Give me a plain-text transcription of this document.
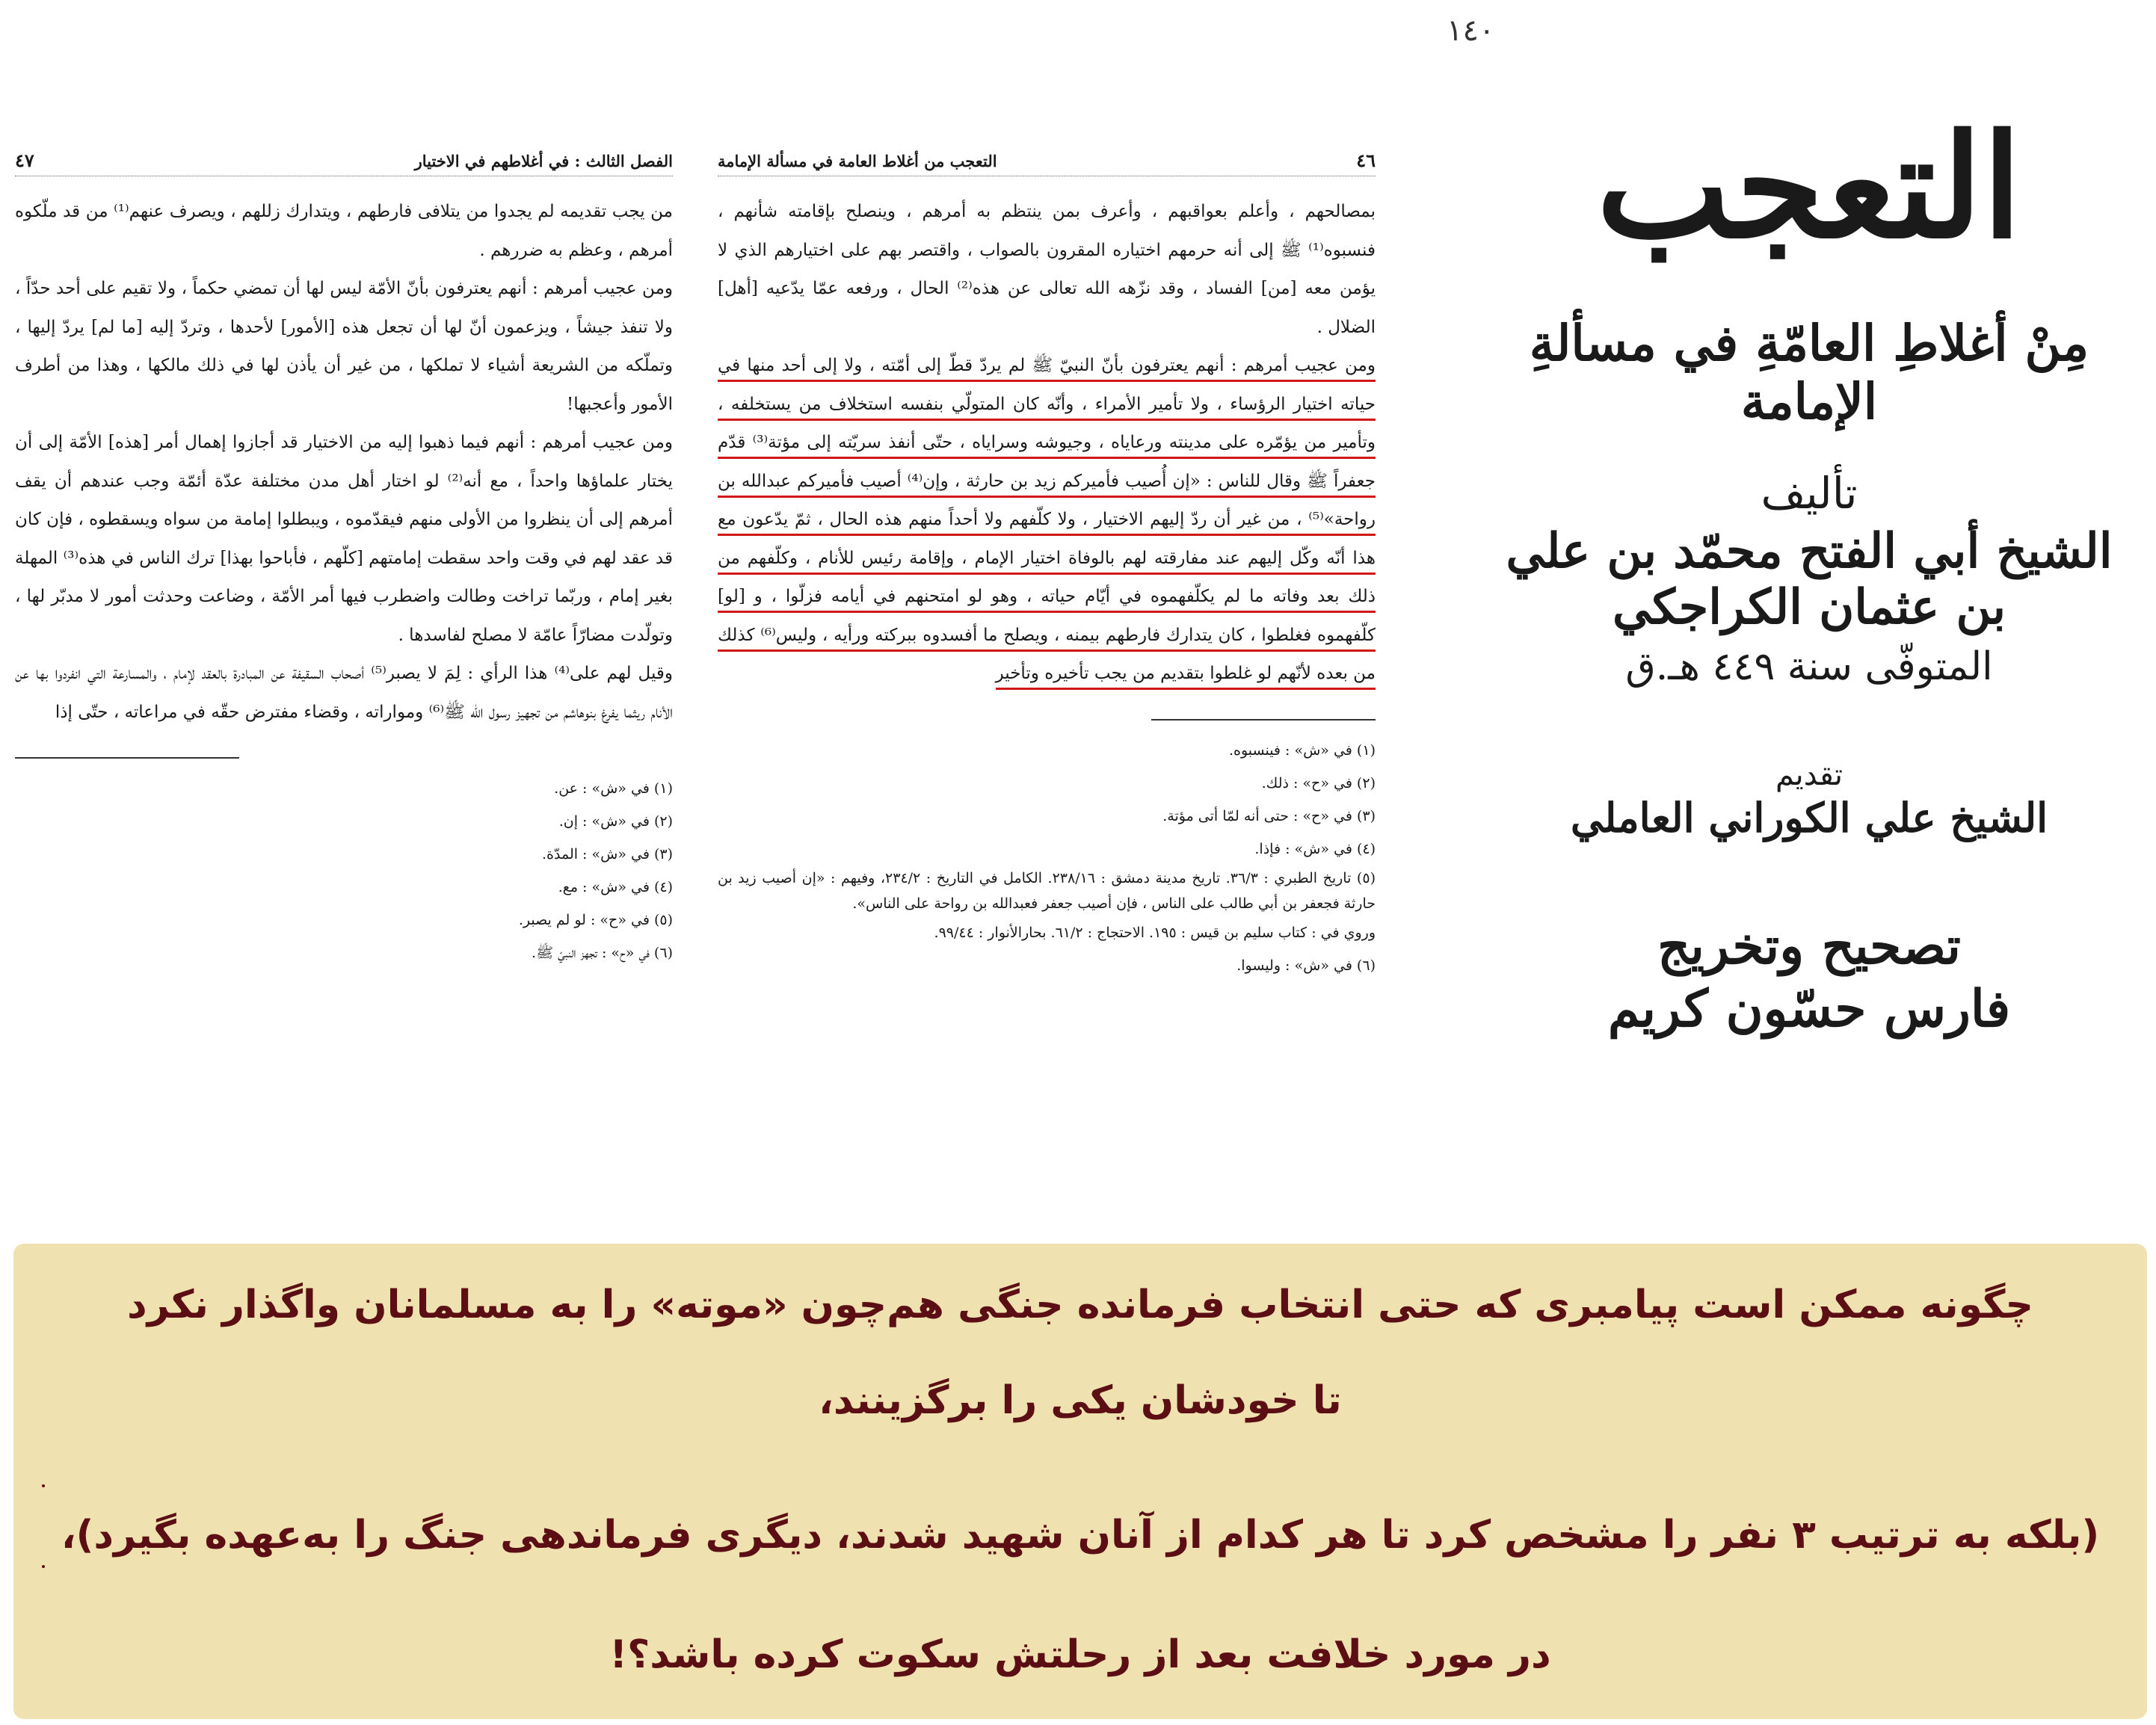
١٤٠
الفصل الثالث : في أغلاطهم في الاختيار
٤٧

من يجب تقديمه لم يجدوا من يتلافى فارطهم ، ويتدارك زللهم ، ويصرف عنهم⁽¹⁾ من قد ملّكوه أمرهم ، وعظم به ضررهم .

ومن عجيب أمرهم : أنهم يعترفون بأنّ الأمّة ليس لها أن تمضي حكماً ، ولا تقيم على أحد حدّاً ، ولا تنفذ جيشاً ، ويزعمون أنّ لها أن تجعل هذه [الأمور] لأحدها ، وتردّ إليه [ما لم] يردّ إليها ، وتملّكه من الشريعة أشياء لا تملكها ، من غير أن يأذن لها في ذلك مالكها ، وهذا من أطرف الأمور وأعجبها!

ومن عجيب أمرهم : أنهم فيما ذهبوا إليه من الاختيار قد أجازوا إهمال أمر [هذه] الأمّة إلى أن يختار علماؤها واحداً ، مع أنه⁽²⁾ لو اختار أهل مدن مختلفة عدّة أئمّة وجب عندهم أن يقف أمرهم إلى أن ينظروا من الأولى منهم فيقدّموه ، ويبطلوا إمامة من سواه ويسقطوه ، فإن كان قد عقد لهم في وقت واحد سقطت إمامتهم [كلّهم ، فأباحوا بهذا] ترك الناس في هذه⁽³⁾ المهلة بغير إمام ، وربّما تراخت وطالت واضطرب فيها أمر الأمّة ، وضاعت وحدثت أمور لا مدبّر لها ، وتولّدت مضارّاً عامّة لا مصلح لفاسدها .

وقيل لهم على⁽⁴⁾ هذا الرأي : لِمَ لا يصبر⁽⁵⁾ أصحاب السقيفة عن المبادرة بالعقد لإمام ، والمسارعة التي انفردوا بها عن الأنام ريثما يفرغ بنوهاشم من تجهيز رسول الله ﷺ⁽⁶⁾ ومواراته ، وقضاء مفترض حقّه في مراعاته ، حتّى إذا

(١) في «ش» : عن.
(٢) في «ش» : إن.
(٣) في «ش» : المدّة.
(٤) في «ش» : مع.
(٥) في «ح» : لو لم يصبر.
(٦) في «ح» : تجهز النبيّ ﷺ.
٤٦
التعجب من أغلاط العامة في مسألة الإمامة

بمصالحهم ، وأعلم بعواقبهم ، وأعرف بمن ينتظم به أمرهم ، وينصلح بإقامته شأنهم ، فنسبوه⁽¹⁾ ﷺ إلى أنه حرمهم اختياره المقرون بالصواب ، واقتصر بهم على اختيارهم الذي لا يؤمن معه [من] الفساد ، وقد نزّهه الله تعالى عن هذه⁽²⁾ الحال ، ورفعه عمّا يدّعيه [أهل] الضلال .

ومن عجيب أمرهم : أنهم يعترفون بأنّ النبيّ ﷺ لم يردّ قطّ إلى أمّته ، ولا إلى أحد منها في حياته اختيار الرؤساء ، ولا تأمير الأمراء ، وأنّه كان المتولّي بنفسه استخلاف من يستخلفه ، وتأمير من يؤمّره على مدينته ورعاياه ، وجيوشه وسراياه ، حتّى أنفذ سريّته إلى مؤتة⁽³⁾ قدّم جعفراً ﷺ وقال للناس : «إن أُصيب فأميركم زيد بن حارثة ، وإن⁽⁴⁾ أصيب فأميركم عبدالله بن رواحة»⁽⁵⁾ ، من غير أن ردّ إليهم الاختيار ، ولا كلّفهم ولا أحداً منهم هذه الحال ، ثمّ يدّعون مع هذا أنّه وكّل إليهم عند مفارقته لهم بالوفاة اختيار الإمام ، وإقامة رئيس للأنام ، وكلّفهم من ذلك بعد وفاته ما لم يكلّفهموه في أيّام حياته ، وهو لو امتحنهم في أيامه فزلّوا ، و [لو] كلّفهموه فغلطوا ، كان يتدارك فارطهم بيمنه ، ويصلح ما أفسدوه ببركته ورأيه ، وليس⁽⁶⁾ كذلك من بعده لأنّهم لو غلطوا بتقديم من يجب تأخيره وتأخير

(١) في «ش» : فينسبوه.
(٢) في «ح» : ذلك.
(٣) في «ح» : حتى أنه لمّا أتى مؤتة.
(٤) في «ش» : فإذا.
(٥) تاريخ الطبري : ٣٦/٣. تاريخ مدينة دمشق : ٢٣٨/١٦. الكامل في التاريخ : ٢٣٤/٢، وفيهم : «إن أصيب زيد بن حارثة فجعفر بن أبي طالب على الناس ، فإن أصيب جعفر فعبدالله بن رواحة على الناس».
وروي في : كتاب سليم بن قيس : ١٩٥. الاحتجاج : ٦١/٢. بحارالأنوار : ٩٩/٤٤.
(٦) في «ش» : وليسوا.
التعجب
مِنْ أغلاطِ العامّةِ في مسألةِ الإمامة
تأليف
الشيخ أبي الفتح محمّد بن علي بن عثمان الكراجكي
المتوفّى سنة ٤٤٩ هـ.ق
تقديم
الشيخ علي الكوراني العاملي
تصحيح وتخريج
فارس حسّون كريم
چگونه ممکن است پیامبری که حتی انتخاب فرمانده جنگی هم‌چون «موته» را به مسلمانان واگذار نکرد
تا خودشان یکی را برگزینند،
(بلکه به ترتیب ۳ نفر را مشخص کرد تا هر کدام از آنان شهید شدند، دیگری فرماندهی جنگ را به‌عهده بگیرد)،
در مورد خلافت بعد از رحلتش سکوت کرده باشد؟!
